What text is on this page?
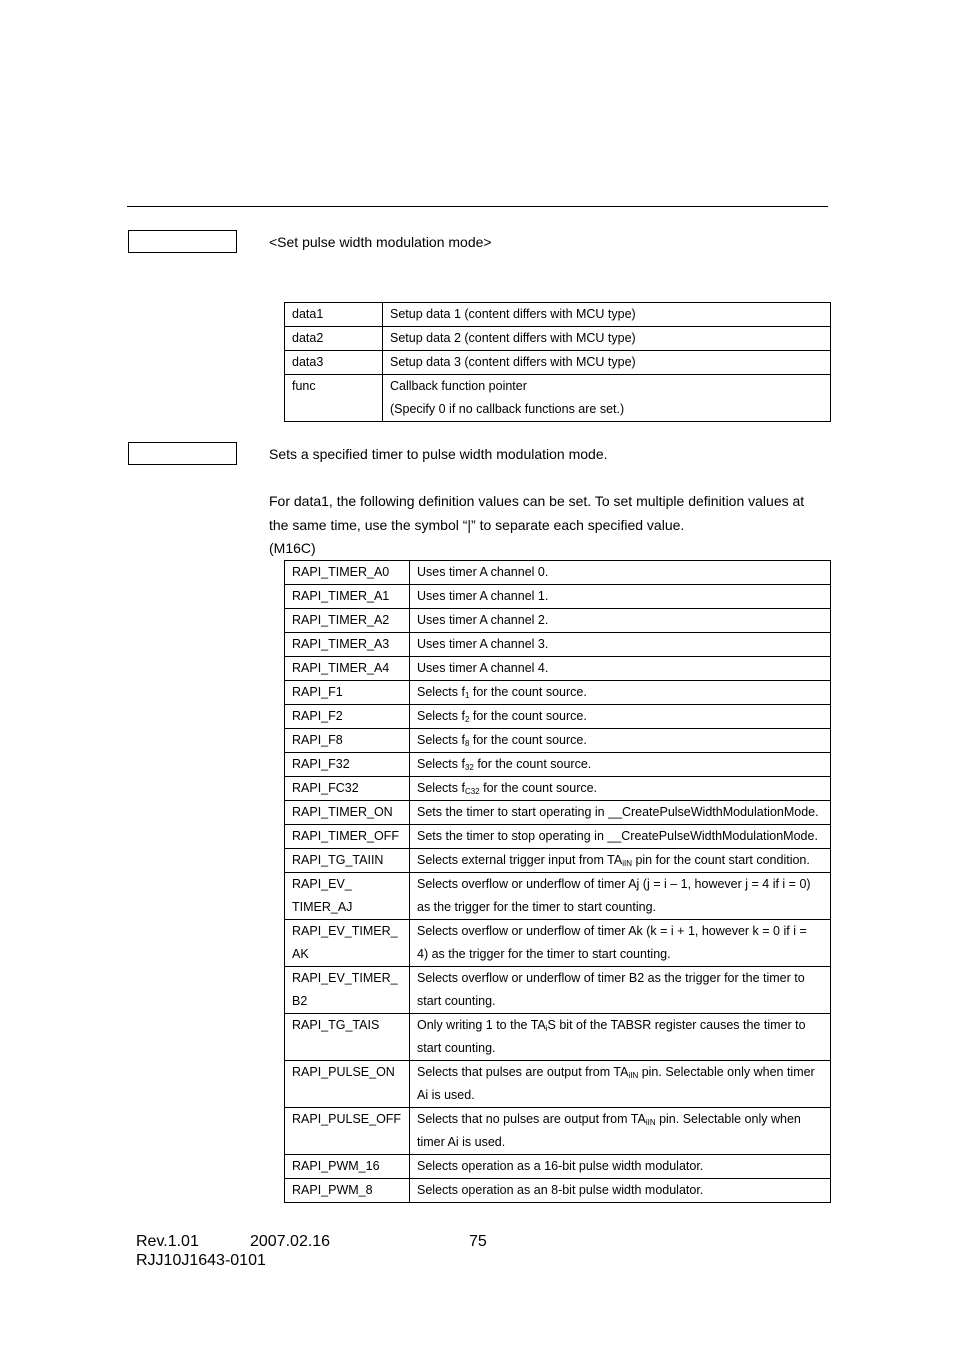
<Set pulse width modulation mode>
data1	Setup data 1 (content differs with MCU type)
data2	Setup data 2 (content differs with MCU type)
data3	Setup data 3 (content differs with MCU type)
func	Callback function pointer
(Specify 0 if no callback functions are set.)
Sets a specified timer to pulse width modulation mode.
For data1, the following definition values can be set. To set multiple definition values at
the same time, use the symbol “|” to separate each specified value.
(M16C)
RAPI_TIMER_A0	Uses timer A channel 0.
RAPI_TIMER_A1	Uses timer A channel 1.
RAPI_TIMER_A2	Uses timer A channel 2.
RAPI_TIMER_A3	Uses timer A channel 3.
RAPI_TIMER_A4	Uses timer A channel 4.
RAPI_F1	Selects $f_1$ for the count source.
RAPI_F2	Selects $f_2$ for the count source.
RAPI_F8	Selects $f_8$ for the count source.
RAPI_F32	Selects $f_{32}$ for the count source.
RAPI_FC32	Selects $f_{C32}$ for the count source.
RAPI_TIMER_ON	Sets the timer to start operating in __CreatePulseWidthModulationMode.
RAPI_TIMER_OFF	Sets the timer to stop operating in __CreatePulseWidthModulationMode.
RAPI_TG_TAIIN	Selects external trigger input from $TA_{iIN}$ pin for the count start condition.

RAPI_EV_
TIMER_AJ	Selects overflow or underflow of timer Aj (j = i – 1, however j = 4 if i = 0)
as the trigger for the timer to start counting.

RAPI_EV_TIMER_
AK	Selects overflow or underflow of timer Ak (k = i + 1, however k = 0 if i =
4) as the trigger for the timer to start counting.

RAPI_EV_TIMER_
B2	Selects overflow or underflow of timer B2 as the trigger for the timer to
start counting.

RAPI_TG_TAIS	Only writing 1 to the $TA_iS$ bit of the TABSR register causes the timer to
start counting.

RAPI_PULSE_ON	Selects that pulses are output from $TA_{iIN}$ pin. Selectable only when timer
Ai is used.

RAPI_PULSE_OFF	Selects that no pulses are output from $TA_{iIN}$ pin. Selectable only when
timer Ai is used.

RAPI_PWM_16	Selects operation as a 16-bit pulse width modulator.
RAPI_PWM_8	Selects operation as an 8-bit pulse width modulator.
Rev.1.01	2007.02.16	75
RJJ10J1643-0101
